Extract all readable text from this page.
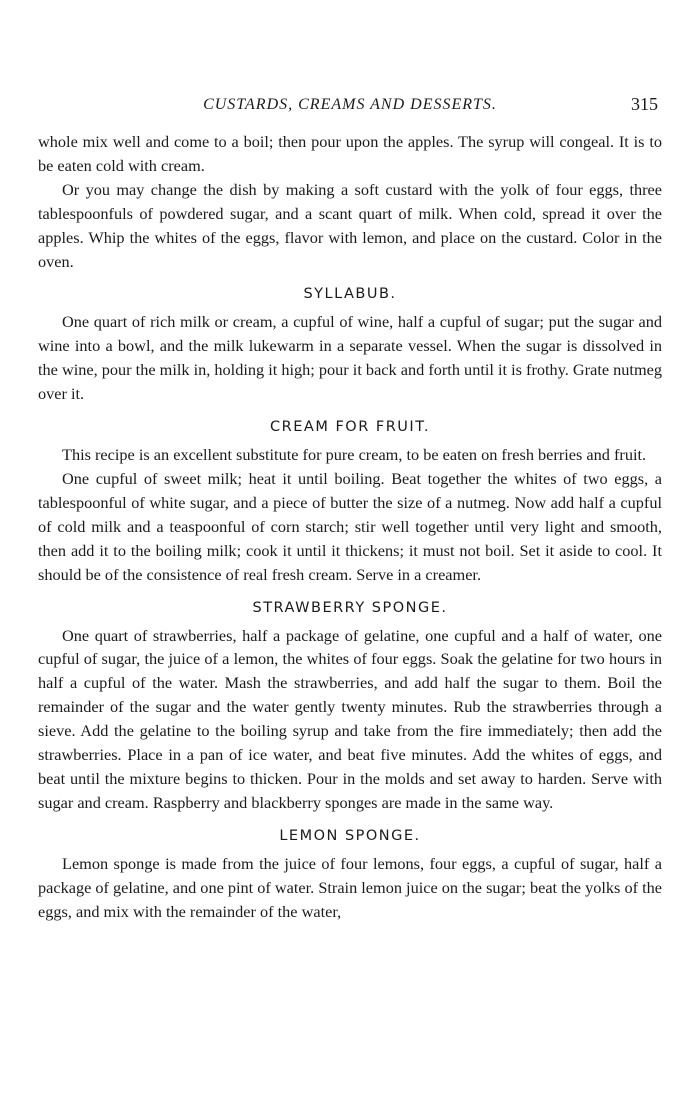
CUSTARDS, CREAMS AND DESSERTS.	315

whole mix well and come to a boil; then pour upon the apples. The syrup will congeal. It is to be eaten cold with cream.

Or you may change the dish by making a soft custard with the yolk of four eggs, three tablespoonfuls of powdered sugar, and a scant quart of milk. When cold, spread it over the apples. Whip the whites of the eggs, flavor with lemon, and place on the custard. Color in the oven.

SYLLABUB.

One quart of rich milk or cream, a cupful of wine, half a cupful of sugar; put the sugar and wine into a bowl, and the milk lukewarm in a separate vessel. When the sugar is dissolved in the wine, pour the milk in, holding it high; pour it back and forth until it is frothy. Grate nutmeg over it.

CREAM FOR FRUIT.

This recipe is an excellent substitute for pure cream, to be eaten on fresh berries and fruit.

One cupful of sweet milk; heat it until boiling. Beat together the whites of two eggs, a tablespoonful of white sugar, and a piece of butter the size of a nutmeg. Now add half a cupful of cold milk and a teaspoonful of corn starch; stir well together until very light and smooth, then add it to the boiling milk; cook it until it thickens; it must not boil. Set it aside to cool. It should be of the consistence of real fresh cream. Serve in a creamer.

STRAWBERRY SPONGE.

One quart of strawberries, half a package of gelatine, one cupful and a half of water, one cupful of sugar, the juice of a lemon, the whites of four eggs. Soak the gelatine for two hours in half a cupful of the water. Mash the strawberries, and add half the sugar to them. Boil the remainder of the sugar and the water gently twenty minutes. Rub the strawberries through a sieve. Add the gelatine to the boiling syrup and take from the fire immediately; then add the strawberries. Place in a pan of ice water, and beat five minutes. Add the whites of eggs, and beat until the mixture begins to thicken. Pour in the molds and set away to harden. Serve with sugar and cream. Raspberry and blackberry sponges are made in the same way.

LEMON SPONGE.

Lemon sponge is made from the juice of four lemons, four eggs, a cupful of sugar, half a package of gelatine, and one pint of water. Strain lemon juice on the sugar; beat the yolks of the eggs, and mix with the remainder of the water,
